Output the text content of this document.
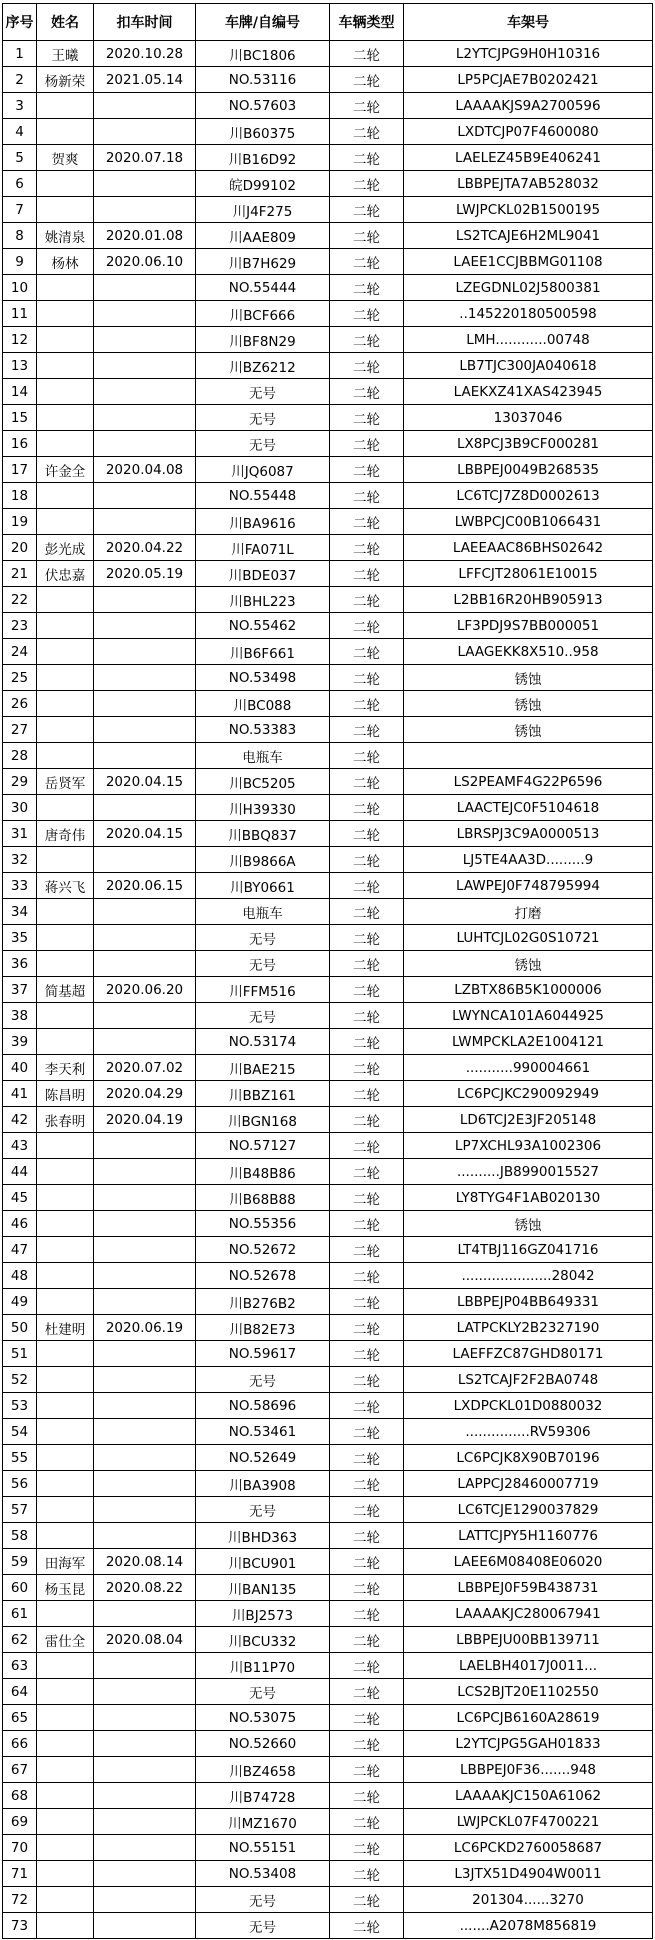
序号	姓名	扣车时间	车牌/自编号	车辆类型	车架号
1	王曦	2020.10.28	川BC1806	二轮	L2YTCJPG9H0H10316
2	杨新荣	2021.05.14	NO.53116	二轮	LP5PCJAE7B0202421
3			NO.57603	二轮	LAAAAKJS9A2700596
4			川B60375	二轮	LXDTCJP07F4600080
5	贺爽	2020.07.18	川B16D92	二轮	LAELEZ45B9E406241
6			皖D99102	二轮	LBBPEJTA7AB528032
7			川J4F275	二轮	LWJPCKL02B1500195
8	姚清泉	2020.01.08	川AAE809	二轮	LS2TCAJE6H2ML9041
9	杨林	2020.06.10	川B7H629	二轮	LAEE1CCJBBMG01108
10			NO.55444	二轮	LZEGDNL02J5800381
11			川BCF666	二轮	..145220180500598
12			川BF8N29	二轮	LMH............00748
13			川BZ6212	二轮	LB7TJC300JA040618
14			无号	二轮	LAEKXZ41XAS423945
15			无号	二轮	13037046
16			无号	二轮	LX8PCJ3B9CF000281
17	许金全	2020.04.08	川JQ6087	二轮	LBBPEJ0049B268535
18			NO.55448	二轮	LC6TCJ7Z8D0002613
19			川BA9616	二轮	LWBPCJC00B1066431
20	彭光成	2020.04.22	川FA071L	二轮	LAEEAAC86BHS02642
21	伏忠嘉	2020.05.19	川BDE037	二轮	LFFCJT28061E10015
22			川BHL223	二轮	L2BB16R20HB905913
23			NO.55462	二轮	LF3PDJ9S7BB000051
24			川B6F661	二轮	LAAGEKK8X510..958
25			NO.53498	二轮	锈蚀
26			川BC088	二轮	锈蚀
27			NO.53383	二轮	锈蚀
28			电瓶车	二轮	
29	岳贤军	2020.04.15	川BC5205	二轮	LS2PEAMF4G22P6596
30			川H39330	二轮	LAACTEJC0F5104618
31	唐奇伟	2020.04.15	川BBQ837	二轮	LBRSPJ3C9A0000513
32			川B9866A	二轮	LJ5TE4AA3D.........9
33	蒋兴飞	2020.06.15	川BY0661	二轮	LAWPEJ0F748795994
34			电瓶车	二轮	打磨
35			无号	二轮	LUHTCJL02G0S10721
36			无号	二轮	锈蚀
37	简基超	2020.06.20	川FFM516	二轮	LZBTX86B5K1000006
38			无号	二轮	LWYNCA101A6044925
39			NO.53174	二轮	LWMPCKLA2E1004121
40	李天利	2020.07.02	川BAE215	二轮	...........990004661
41	陈昌明	2020.04.29	川BBZ161	二轮	LC6PCJKC290092949
42	张春明	2020.04.19	川BGN168	二轮	LD6TCJ2E3JF205148
43			NO.57127	二轮	LP7XCHL93A1002306
44			川B48B86	二轮	..........JB8990015527
45			川B68B88	二轮	LY8TYG4F1AB020130
46			NO.55356	二轮	锈蚀
47			NO.52672	二轮	LT4TBJ116GZ041716
48			NO.52678	二轮	.....................28042
49			川B276B2	二轮	LBBPEJP04BB649331
50	杜建明	2020.06.19	川B82E73	二轮	LATPCKLY2B2327190
51			NO.59617	二轮	LAEFFZC87GHD80171
52			无号	二轮	LS2TCAJF2F2BA0748
53			NO.58696	二轮	LXDPCKL01D0880032
54			NO.53461	二轮	...............RV59306
55			NO.52649	二轮	LC6PCJK8X90B70196
56			川BA3908	二轮	LAPPCJ28460007719
57			无号	二轮	LC6TCJE1290037829
58			川BHD363	二轮	LATTCJPY5H1160776
59	田海军	2020.08.14	川BCU901	二轮	LAEE6M08408E06020
60	杨玉昆	2020.08.22	川BAN135	二轮	LBBPEJ0F59B438731
61			川BJ2573	二轮	LAAAAKJC280067941
62	雷仕全	2020.08.04	川BCU332	二轮	LBBPEJU00BB139711
63			川B11P70	二轮	LAELBH4017J0011...
64			无号	二轮	LCS2BJT20E1102550
65			NO.53075	二轮	LC6PCJB6160A28619
66			NO.52660	二轮	L2YTCJPG5GAH01833
67			川BZ4658	二轮	LBBPEJ0F36.......948
68			川B74728	二轮	LAAAAKJC150A61062
69			川MZ1670	二轮	LWJPCKL07F4700221
70			NO.55151	二轮	LC6PCKD2760058687
71			NO.53408	二轮	L3JTX51D4904W0011
72			无号	二轮	201304......3270
73			无号	二轮	.......A2078M856819
